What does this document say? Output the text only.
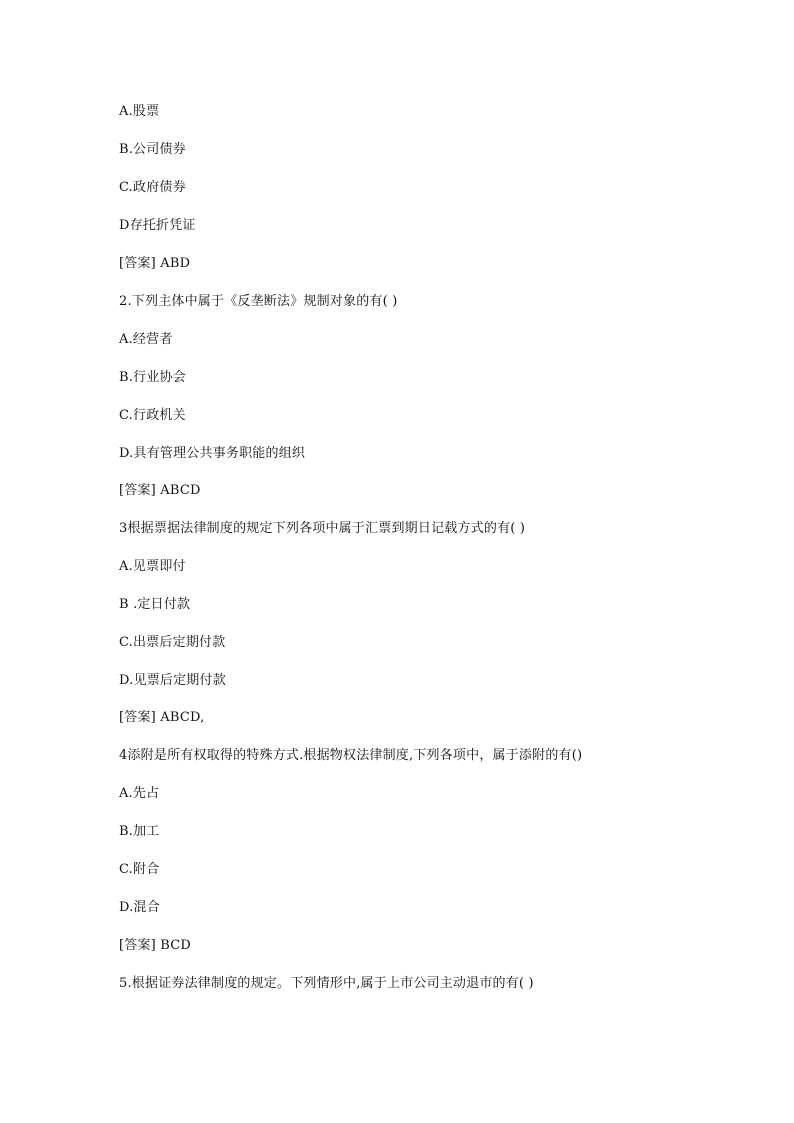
A.股票
B.公司债券
C.政府债券
D存托折凭证
[答案] ABD
2.下列主体中属于《反垄断法》规制对象的有( )
A.经营者
B.行业协会
C.行政机关
D.具有管理公共事务职能的组织
[答案] ABCD
3根据票据法律制度的规定下列各项中属于汇票到期日记载方式的有( )
A.见票即付
B .定日付款
C.出票后定期付款
D.见票后定期付款
[答案] ABCD,
4添附是所有权取得的特殊方式.根据物权法律制度,下列各项中，属于添附的有()
A.先占
B.加工
C.附合
D.混合
[答案] BCD
5.根据证券法律制度的规定。下列情形中,属于上市公司主动退市的有( )
